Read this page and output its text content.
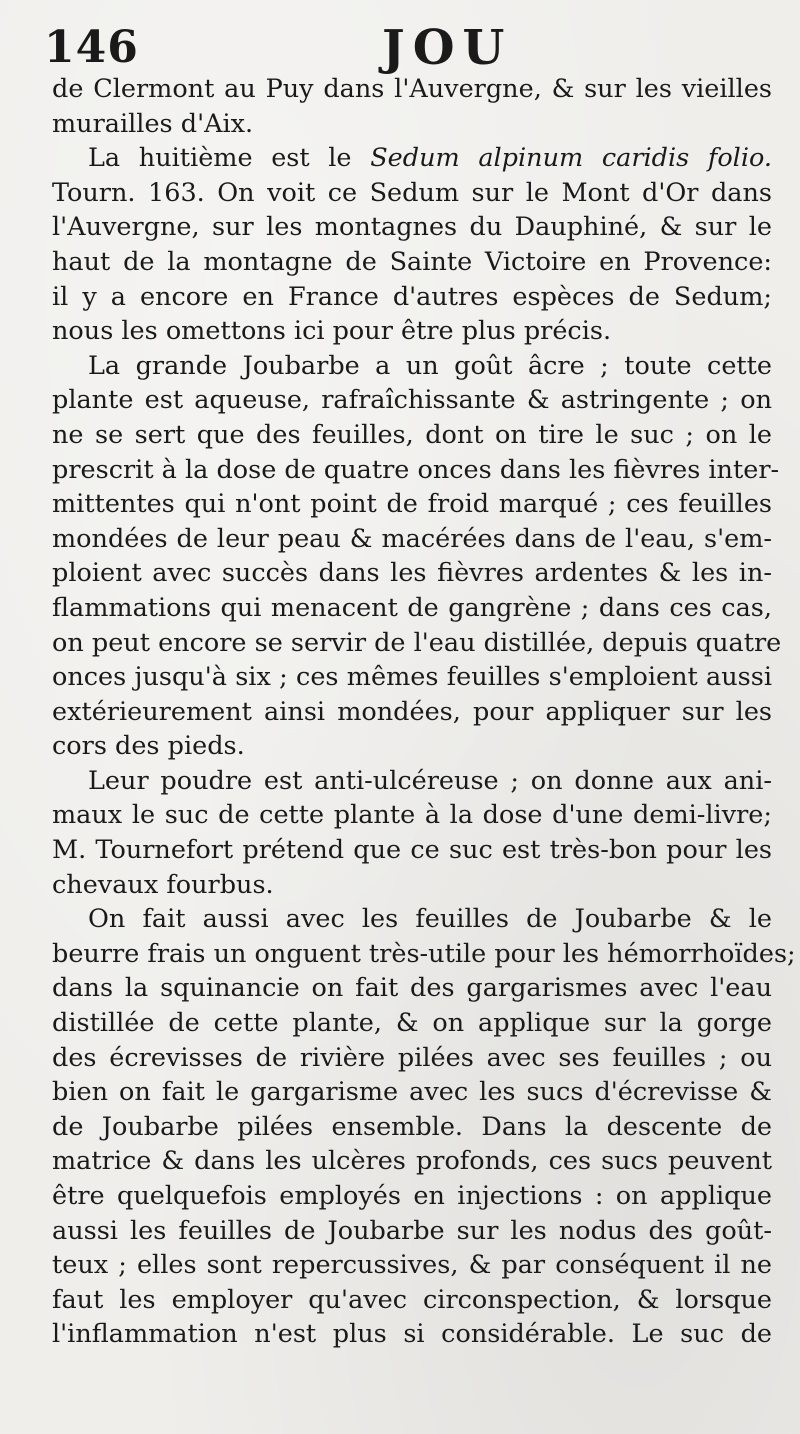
146	JOU
de Clermont au Puy dans l'Auvergne, & sur les vieilles
murailles d'Aix.
La huitième est le Sedum alpinum caridis folio.
Tourn. 163. On voit ce Sedum sur le Mont d'Or dans
l'Auvergne, sur les montagnes du Dauphiné, & sur le
haut de la montagne de Sainte Victoire en Provence:
il y a encore en France d'autres espèces de Sedum;
nous les omettons ici pour être plus précis.
La grande Joubarbe a un goût âcre ; toute cette
plante est aqueuse, rafraîchissante & astringente ; on
ne se sert que des feuilles, dont on tire le suc ; on le
prescrit à la dose de quatre onces dans les fièvres inter-
mittentes qui n'ont point de froid marqué ; ces feuilles
mondées de leur peau & macérées dans de l'eau, s'em-
ploient avec succès dans les fièvres ardentes & les in-
flammations qui menacent de gangrène ; dans ces cas,
on peut encore se servir de l'eau distillée, depuis quatre
onces jusqu'à six ; ces mêmes feuilles s'emploient aussi
extérieurement ainsi mondées, pour appliquer sur les
cors des pieds.
Leur poudre est anti-ulcéreuse ; on donne aux ani-
maux le suc de cette plante à la dose d'une demi-livre;
M. Tournefort prétend que ce suc est très-bon pour les
chevaux fourbus.
On fait aussi avec les feuilles de Joubarbe & le
beurre frais un onguent très-utile pour les hémorrhoïdes;
dans la squinancie on fait des gargarismes avec l'eau
distillée de cette plante, & on applique sur la gorge
des écrevisses de rivière pilées avec ses feuilles ; ou
bien on fait le gargarisme avec les sucs d'écrevisse &
de Joubarbe pilées ensemble. Dans la descente de
matrice & dans les ulcères profonds, ces sucs peuvent
être quelquefois employés en injections : on applique
aussi les feuilles de Joubarbe sur les nodus des goût-
teux ; elles sont repercussives, & par conséquent il ne
faut les employer qu'avec circonspection, & lorsque
l'inflammation n'est plus si considérable. Le suc de
